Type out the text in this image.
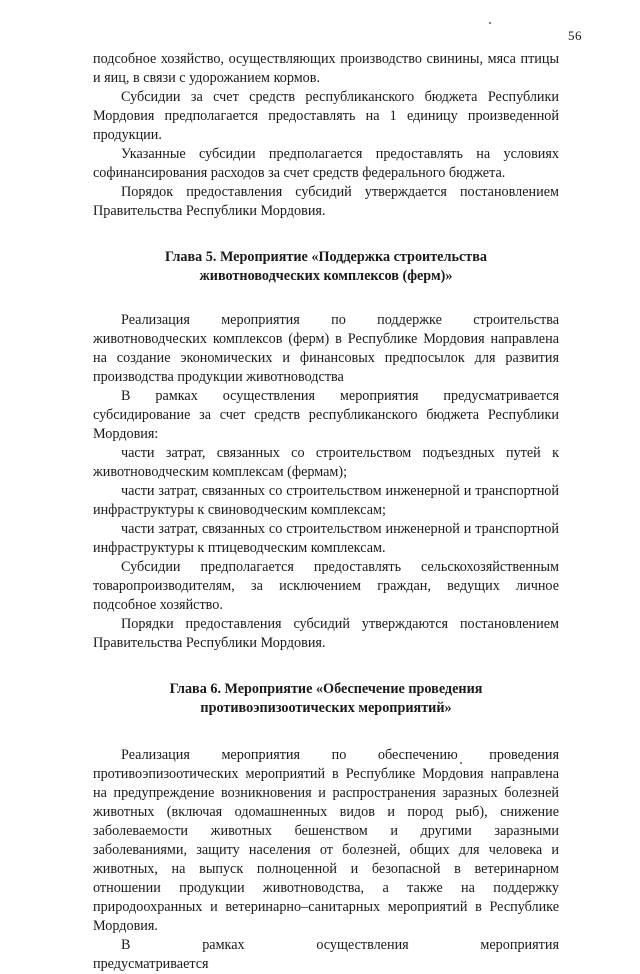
56

подсобное хозяйство, осуществляющих производство свинины, мяса птицы и яиц, в связи с удорожанием кормов.

Субсидии за счет средств республиканского бюджета Республики Мордовия предполагается предоставлять на 1 единицу произведенной продукции.

Указанные субсидии предполагается предоставлять на условиях софинансирования расходов за счет средств федерального бюджета.

Порядок предоставления субсидий утверждается постановлением Правительства Республики Мордовия.

Глава 5. Мероприятие «Поддержка строительства
животноводческих комплексов (ферм)»

Реализация мероприятия по поддержке строительства животноводческих комплексов (ферм) в Республике Мордовия направлена на создание экономических и финансовых предпосылок для развития производства продукции животноводства

В рамках осуществления мероприятия предусматривается субсидирование за счет средств республиканского бюджета Республики Мордовия:

части затрат, связанных со строительством подъездных путей к животноводческим комплексам (фермам);

части затрат, связанных со строительством инженерной и транспортной инфраструктуры к свиноводческим комплексам;

части затрат, связанных со строительством инженерной и транспортной инфраструктуры к птицеводческим комплексам.

Субсидии предполагается предоставлять сельскохозяйственным товаропроизводителям, за исключением граждан, ведущих личное подсобное хозяйство.

Порядки предоставления субсидий утверждаются постановлением Правительства Республики Мордовия.

Глава 6. Мероприятие «Обеспечение проведения
противоэпизоотических мероприятий»

Реализация мероприятия по обеспечению проведения противоэпизоотических мероприятий в Республике Мордовия направлена на предупреждение возникновения и распространения заразных болезней животных (включая одомашненных видов и пород рыб), снижение заболеваемости животных бешенством и другими заразными заболеваниями, защиту населения от болезней, общих для человека и животных, на выпуск полноценной и безопасной в ветеринарном отношении продукции животноводства, а также на поддержку природоохранных и ветеринарно–санитарных мероприятий в Республике Мордовия.

В рамках осуществления мероприятия предусматривается
